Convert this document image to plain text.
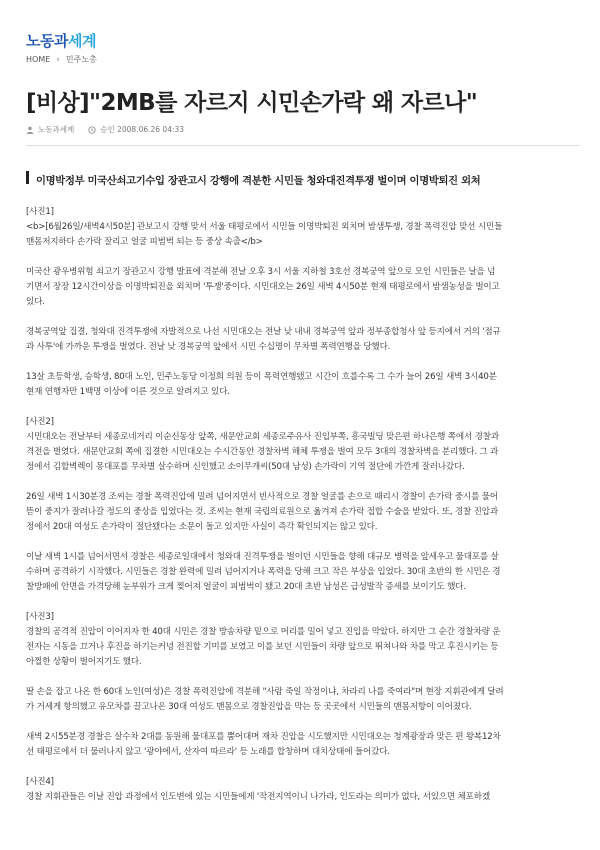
노동과세계
HOME › 민주노총
[비상]"2MB를 자르지 시민손가락 왜 자르나"
노동과세계	승인 2008.06.26 04:33
이명박정부 미국산쇠고기수입 장관고시 강행에 격분한 시민들 청와대진격투쟁 벌이며 이명박퇴진 외쳐

[사진1]

<b>[6월26일/새벽4시50분] 관보고시 강행 맞서 서울 태평로에서 시민들 이명박퇴진 외치며 밤샘투쟁, 경찰 폭력진압 맞선 시민들
맨몸저지하다 손가락 잘리고 얼굴 피범벅 되는 등 중상 속출</b>

미국산 광우병위험 쇠고기 장관고시 강행 발표에 격분해 전날 오후 3시 서울 지하철 3호선 경복궁역 앞으로 모인 시민들은 날을 넘
기면서 장장 12시간이상을 이명박퇴진을 외치며 '투쟁'중이다. 시민대오는 26일 새벽 4시50분 현재 태평로에서 밤샘농성을 벌이고
있다.

경복궁역앞 집결, 청와대 진격투쟁에 자발적으로 나선 시민대오는 전날 낮 내내 경복궁역 앞과 정부종합청사 앞 등지에서 거의 '점규
과 사투'에 가까운 투쟁을 벌였다. 전날 낮 경복궁역 앞에서 시민 수십명이 무차별 폭력연행을 당했다.

13살 초등학생, 승학생, 80대 노인, 민주노동당 이정희 의원 등이 폭력연행됐고 시간이 흐를수록 그 수가 늘어 26일 새벽 3시40분
현재 연행자만 1백명 이상에 이른 것으로 알려지고 있다.

[사진2]

시민대오는 전날부터 세종로네거리 이순신동상 앞쪽, 새문안교회 세종로주유사 진입부쪽, 흥국빌딩 맞은편 하나은행 쪽에서 경찰과
격전을 벌였다. 새문안교회 쪽에 집결한 시민대오는 수시간동안 경찰차벽 해체 투쟁을 벌여 모두 3대의 경찰차벽을 분리했다. 그 과
정에서 김할벽렉이 몽대포를 무차별 살수하며 신인했고 소이무개씨(50대 남성) 손가락이 기역 절단에 가깐게 잘러나갔다.

26일 새벽 1시30분경 조씨는 경찰 폭력진압에 밀려 넘어지면서 빈사적으로 경찰 얼굴를 손으로 때리시 경찰이 손가락 중시를 물어
뜯이 중지가 잘려나갈 정도의 중상을 입었다는 것. 조씨는 현재 국립의료원으로 옮겨져 손가락 접합 수술을 받았다. 또, 경찰 진압과
정에서 20대 여성도 손가락이 절단됐다는 소문이 돌고 있지만 사실이 즉각 확인되지는 않고 있다.

이날 새벽 1시를 넘어서면서 경찰은 세종로일대에서 청와대 진격투쟁을 벌이던 시민들을 향해 대규모 병력을 앞세우고 물대포를 살
수하며 공격하기 시작했다. 시민들은 경찰 완력에 밀려 넘어지거나 폭력을 당해 크고 작은 부상을 입었다. 30대 초반의 한 시민은 경
찰방패에 안면을 가격당해 눈부위가 크게 찢어져 얼굴이 피범벅이 됐고 20대 초반 남성은 급성발작 증세를 보이기도 했다.

[사진3]

경찰의 공격적 진압이 이어지자 한 40대 시민은 경찰 방송차량 밑으로 머리를 밀어 넣고 진입을 막았다. 하지만 그 순간 경찰차량 운
전자는 시동을 끄거나 후진을 하기는커녕 전진할 기미를 보였고 이를 보던 시민들이 차량 앞으로 뛰쳐나와 차를 막고 후진시키는 등
아찔한 상황이 벌어지기도 했다.

딸 손을 잡고 나온 한 60대 노인(여성)은 경찰 폭력진압에 격분해 "사람 죽일 작정이냐, 차라리 나를 죽여라"며 현장 지휘관에게 달려
가 거세게 항의했고 유모차를 끌고나온 30대 여성도 맨몸으로 경찰진압을 막는 등 곳곳에서 시민들의 맨몸저항이 이어졌다.

새벽 2시55분경 경찰은 살수차 2대를 동원해 물대포를 뿜어대며 재차 진압을 시도했지만 시민대오는 청계광장과 맞은 편 왕복12차
선 태평로에서 더 물러나지 않고 '광야에서, 산자여 따르라' 등 노래를 합창하며 대치상태에 들어갔다.

[사진4]

경찰 지휘관들은 이날 진압 과정에서 인도변에 있는 시민들에게 '작전지역이니 나가라, 인도라는 의미가 없다, 서있으면 체포하겠
